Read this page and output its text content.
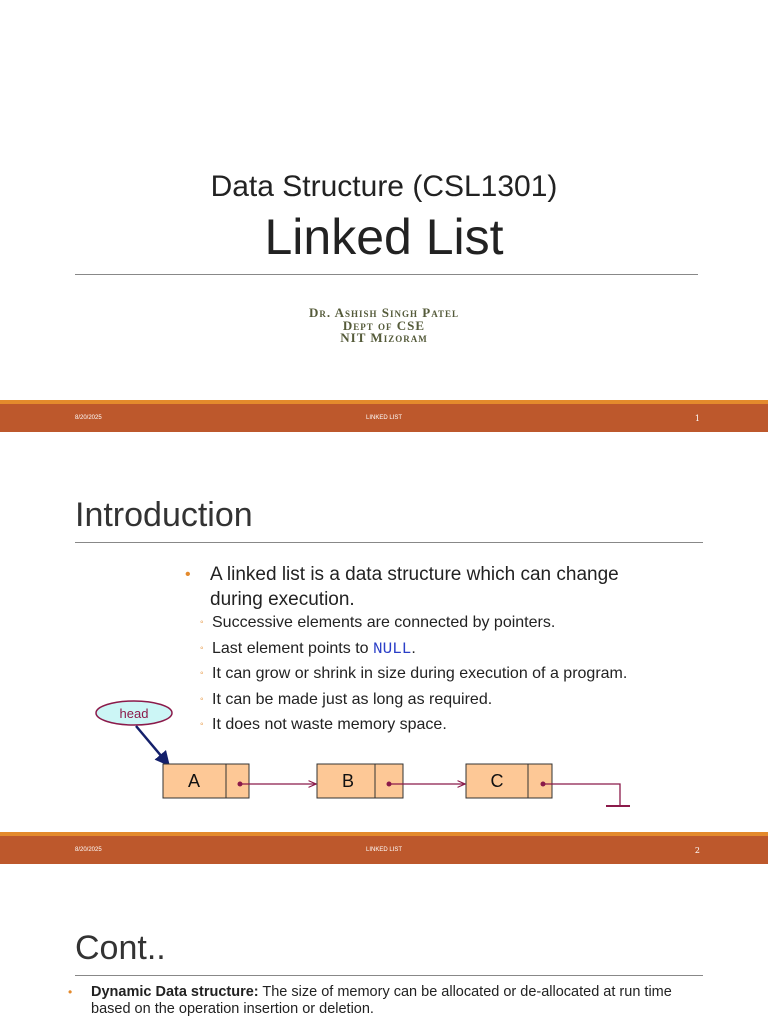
Data Structure (CSL1301)
Linked List
Dr. Ashish Singh Patel
Dept of CSE
NIT Mizoram
8/20/2025	LINKED LIST	1
Introduction
•	A linked list is a data structure which can change during execution.
◦ Successive elements are connected by pointers.
◦ Last element points to NULL.
◦ It can grow or shrink in size during execution of a program.
◦ It can be made just as long as required.
◦ It does not waste memory space.
head
A	B	C
8/20/2025	LINKED LIST	2
Cont..
•	Dynamic Data structure: The size of memory can be allocated or de-allocated at run time based on the operation insertion or deletion.
